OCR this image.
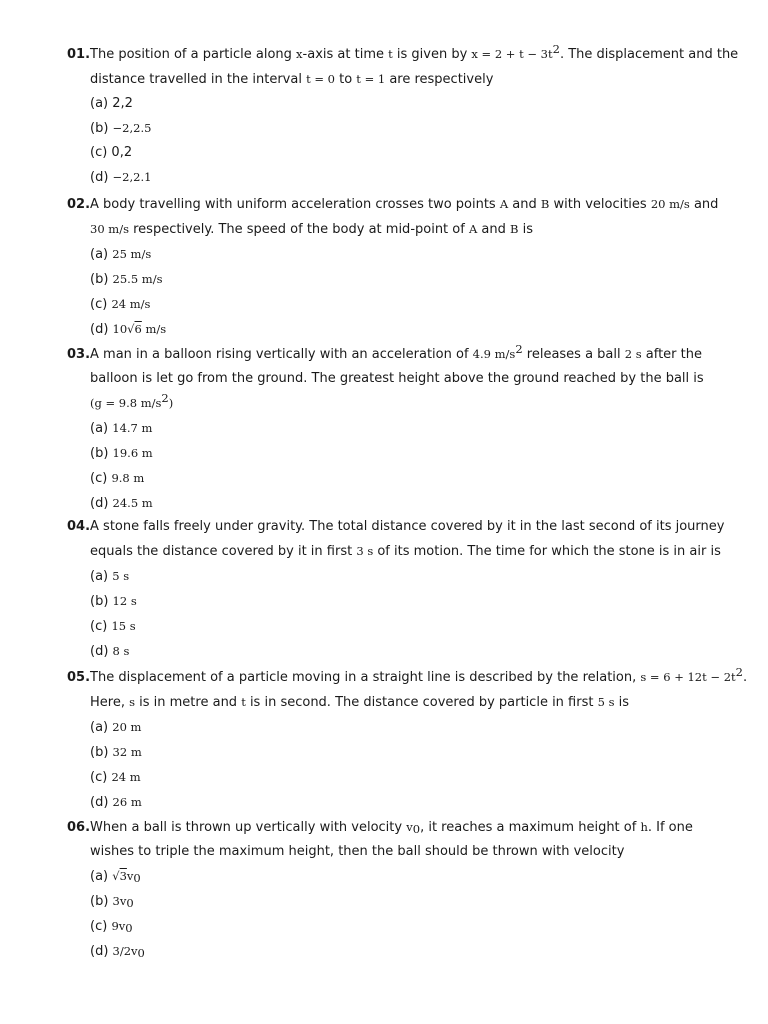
01.The position of a particle along x-axis at time t is given by $x = 2 + t - 3t^2$. The displacement and the
distance travelled in the interval t = 0 to t = 1 are respectively
(a) 2,2
(b) −2,2.5
(c) 0,2
(d) −2,2.1
02.A body travelling with uniform acceleration crosses two points A and B with velocities 20 m/s and
30 m/s respectively. The speed of the body at mid-point of A and B is
(a) 25 m/s
(b) 25.5 m/s
(c) 24 m/s
(d) 10√6 m/s
03.A man in a balloon rising vertically with an acceleration of 4.9 $m/s^2$ releases a ball 2 s after the
balloon is let go from the ground. The greatest height above the ground reached by the ball is
(g = 9.8 $m/s^2$)
(a) 14.7 m
(b) 19.6 m
(c) 9.8 m
(d) 24.5 m
04.A stone falls freely under gravity. The total distance covered by it in the last second of its journey
equals the distance covered by it in first 3 s of its motion. The time for which the stone is in air is
(a) 5 s
(b) 12 s
(c) 15 s
(d) 8 s
05.The displacement of a particle moving in a straight line is described by the relation, $s = 6 + 12t - 2t^2$.
Here, s is in metre and t is in second. The distance covered by particle in first 5 s is
(a) 20 m
(b) 32 m
(c) 24 m
(d) 26 m
06.When a ball is thrown up vertically with velocity $v_0$, it reaches a maximum height of h. If one
wishes to triple the maximum height, then the ball should be thrown with velocity
(a) $√3v_0$
(b) $3v_0$
(c) $9v_0$
(d) $3/2v_0$
